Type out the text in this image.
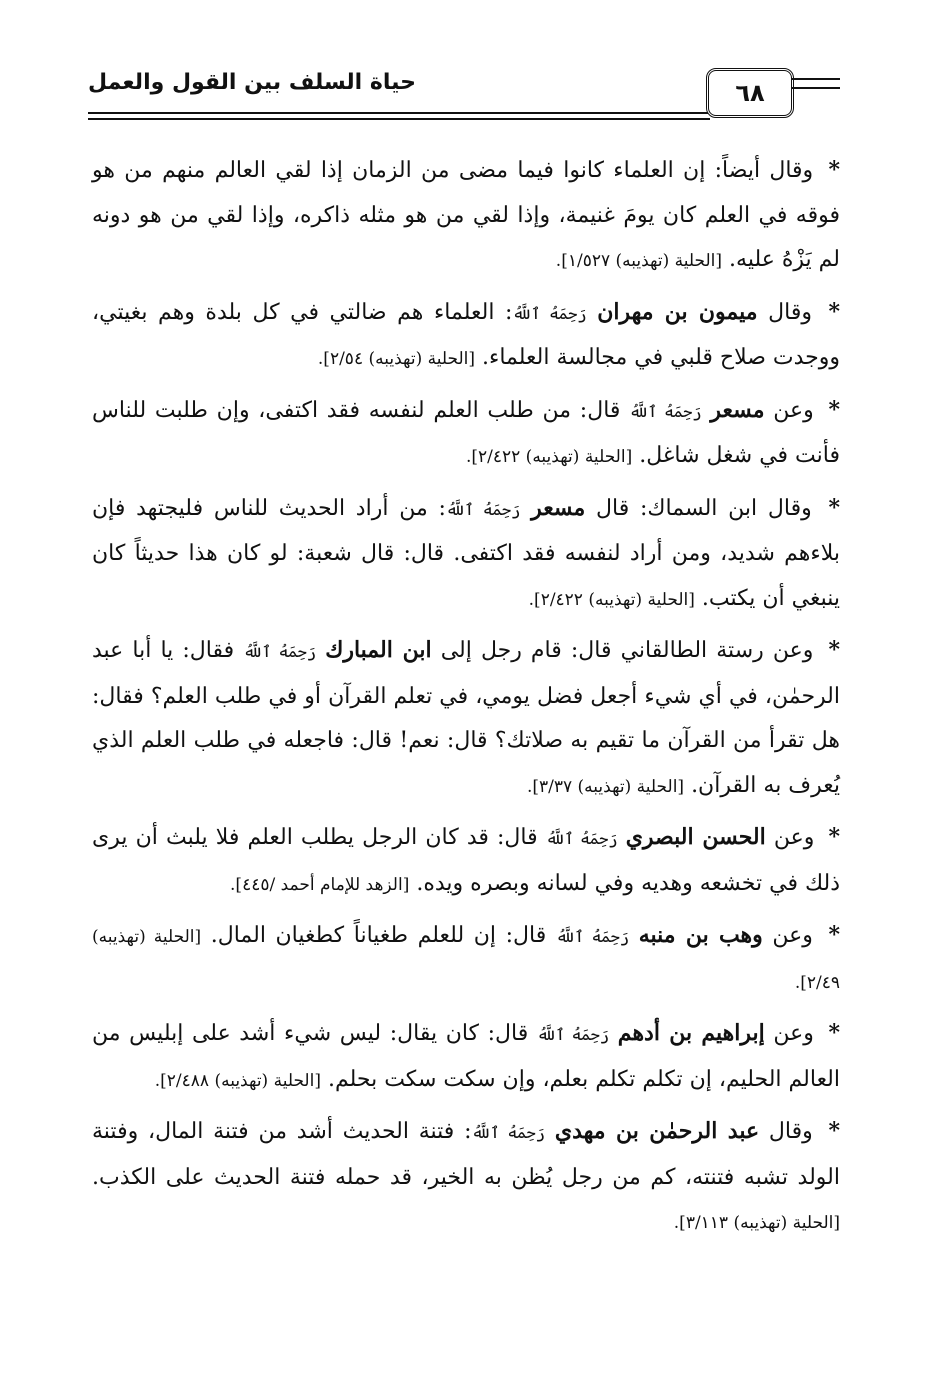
حياة السلف بين القول والعمل	٦٨

* وقال أيضاً: إن العلماء كانوا فيما مضى من الزمان إذا لقي العالم منهم من هو فوقه في العلم كان يومَ غنيمة، وإذا لقي من هو مثله ذاكره، وإذا لقي من هو دونه لم يَزْهُ عليه. [الحلية (تهذيبه) ١/٥٢٧].

* وقال ميمون بن مهران رَحِمَهُ ٱللَّهُ: العلماء هم ضالتي في كل بلدة وهم بغيتي، ووجدت صلاح قلبي في مجالسة العلماء. [الحلية (تهذيبه) ٢/٥٤].

* وعن مسعر رَحِمَهُ ٱللَّهُ قال: من طلب العلم لنفسه فقد اكتفى، وإن طلبت للناس فأنت في شغل شاغل. [الحلية (تهذيبه) ٢/٤٢٢].

* وقال ابن السماك: قال مسعر رَحِمَهُ ٱللَّهُ: من أراد الحديث للناس فليجتهد فإن بلاءهم شديد، ومن أراد لنفسه فقد اكتفى. قال: قال شعبة: لو كان هذا حديثاً كان ينبغي أن يكتب. [الحلية (تهذيبه) ٢/٤٢٢].

* وعن رستة الطالقاني قال: قام رجل إلى ابن المبارك رَحِمَهُ ٱللَّهُ فقال: يا أبا عبد الرحمٰن، في أي شيء أجعل فضل يومي، في تعلم القرآن أو في طلب العلم؟ فقال: هل تقرأ من القرآن ما تقيم به صلاتك؟ قال: نعم! قال: فاجعله في طلب العلم الذي يُعرف به القرآن. [الحلية (تهذيبه) ٣/٣٧].

* وعن الحسن البصري رَحِمَهُ ٱللَّهُ قال: قد كان الرجل يطلب العلم فلا يلبث أن يرى ذلك في تخشعه وهديه وفي لسانه وبصره ويده. [الزهد للإمام أحمد /٤٤٥].

* وعن وهب بن منبه رَحِمَهُ ٱللَّهُ قال: إن للعلم طغياناً كطغيان المال. [الحلية (تهذيبه) ٢/٤٩].

* وعن إبراهيم بن أدهم رَحِمَهُ ٱللَّهُ قال: كان يقال: ليس شيء أشد على إبليس من العالم الحليم، إن تكلم تكلم بعلم، وإن سكت سكت بحلم. [الحلية (تهذيبه) ٢/٤٨٨].

* وقال عبد الرحمٰن بن مهدي رَحِمَهُ ٱللَّهُ: فتنة الحديث أشد من فتنة المال، وفتنة الولد تشبه فتنته، كم من رجل يُظن به الخير، قد حمله فتنة الحديث على الكذب. [الحلية (تهذيبه) ٣/١١٣].
